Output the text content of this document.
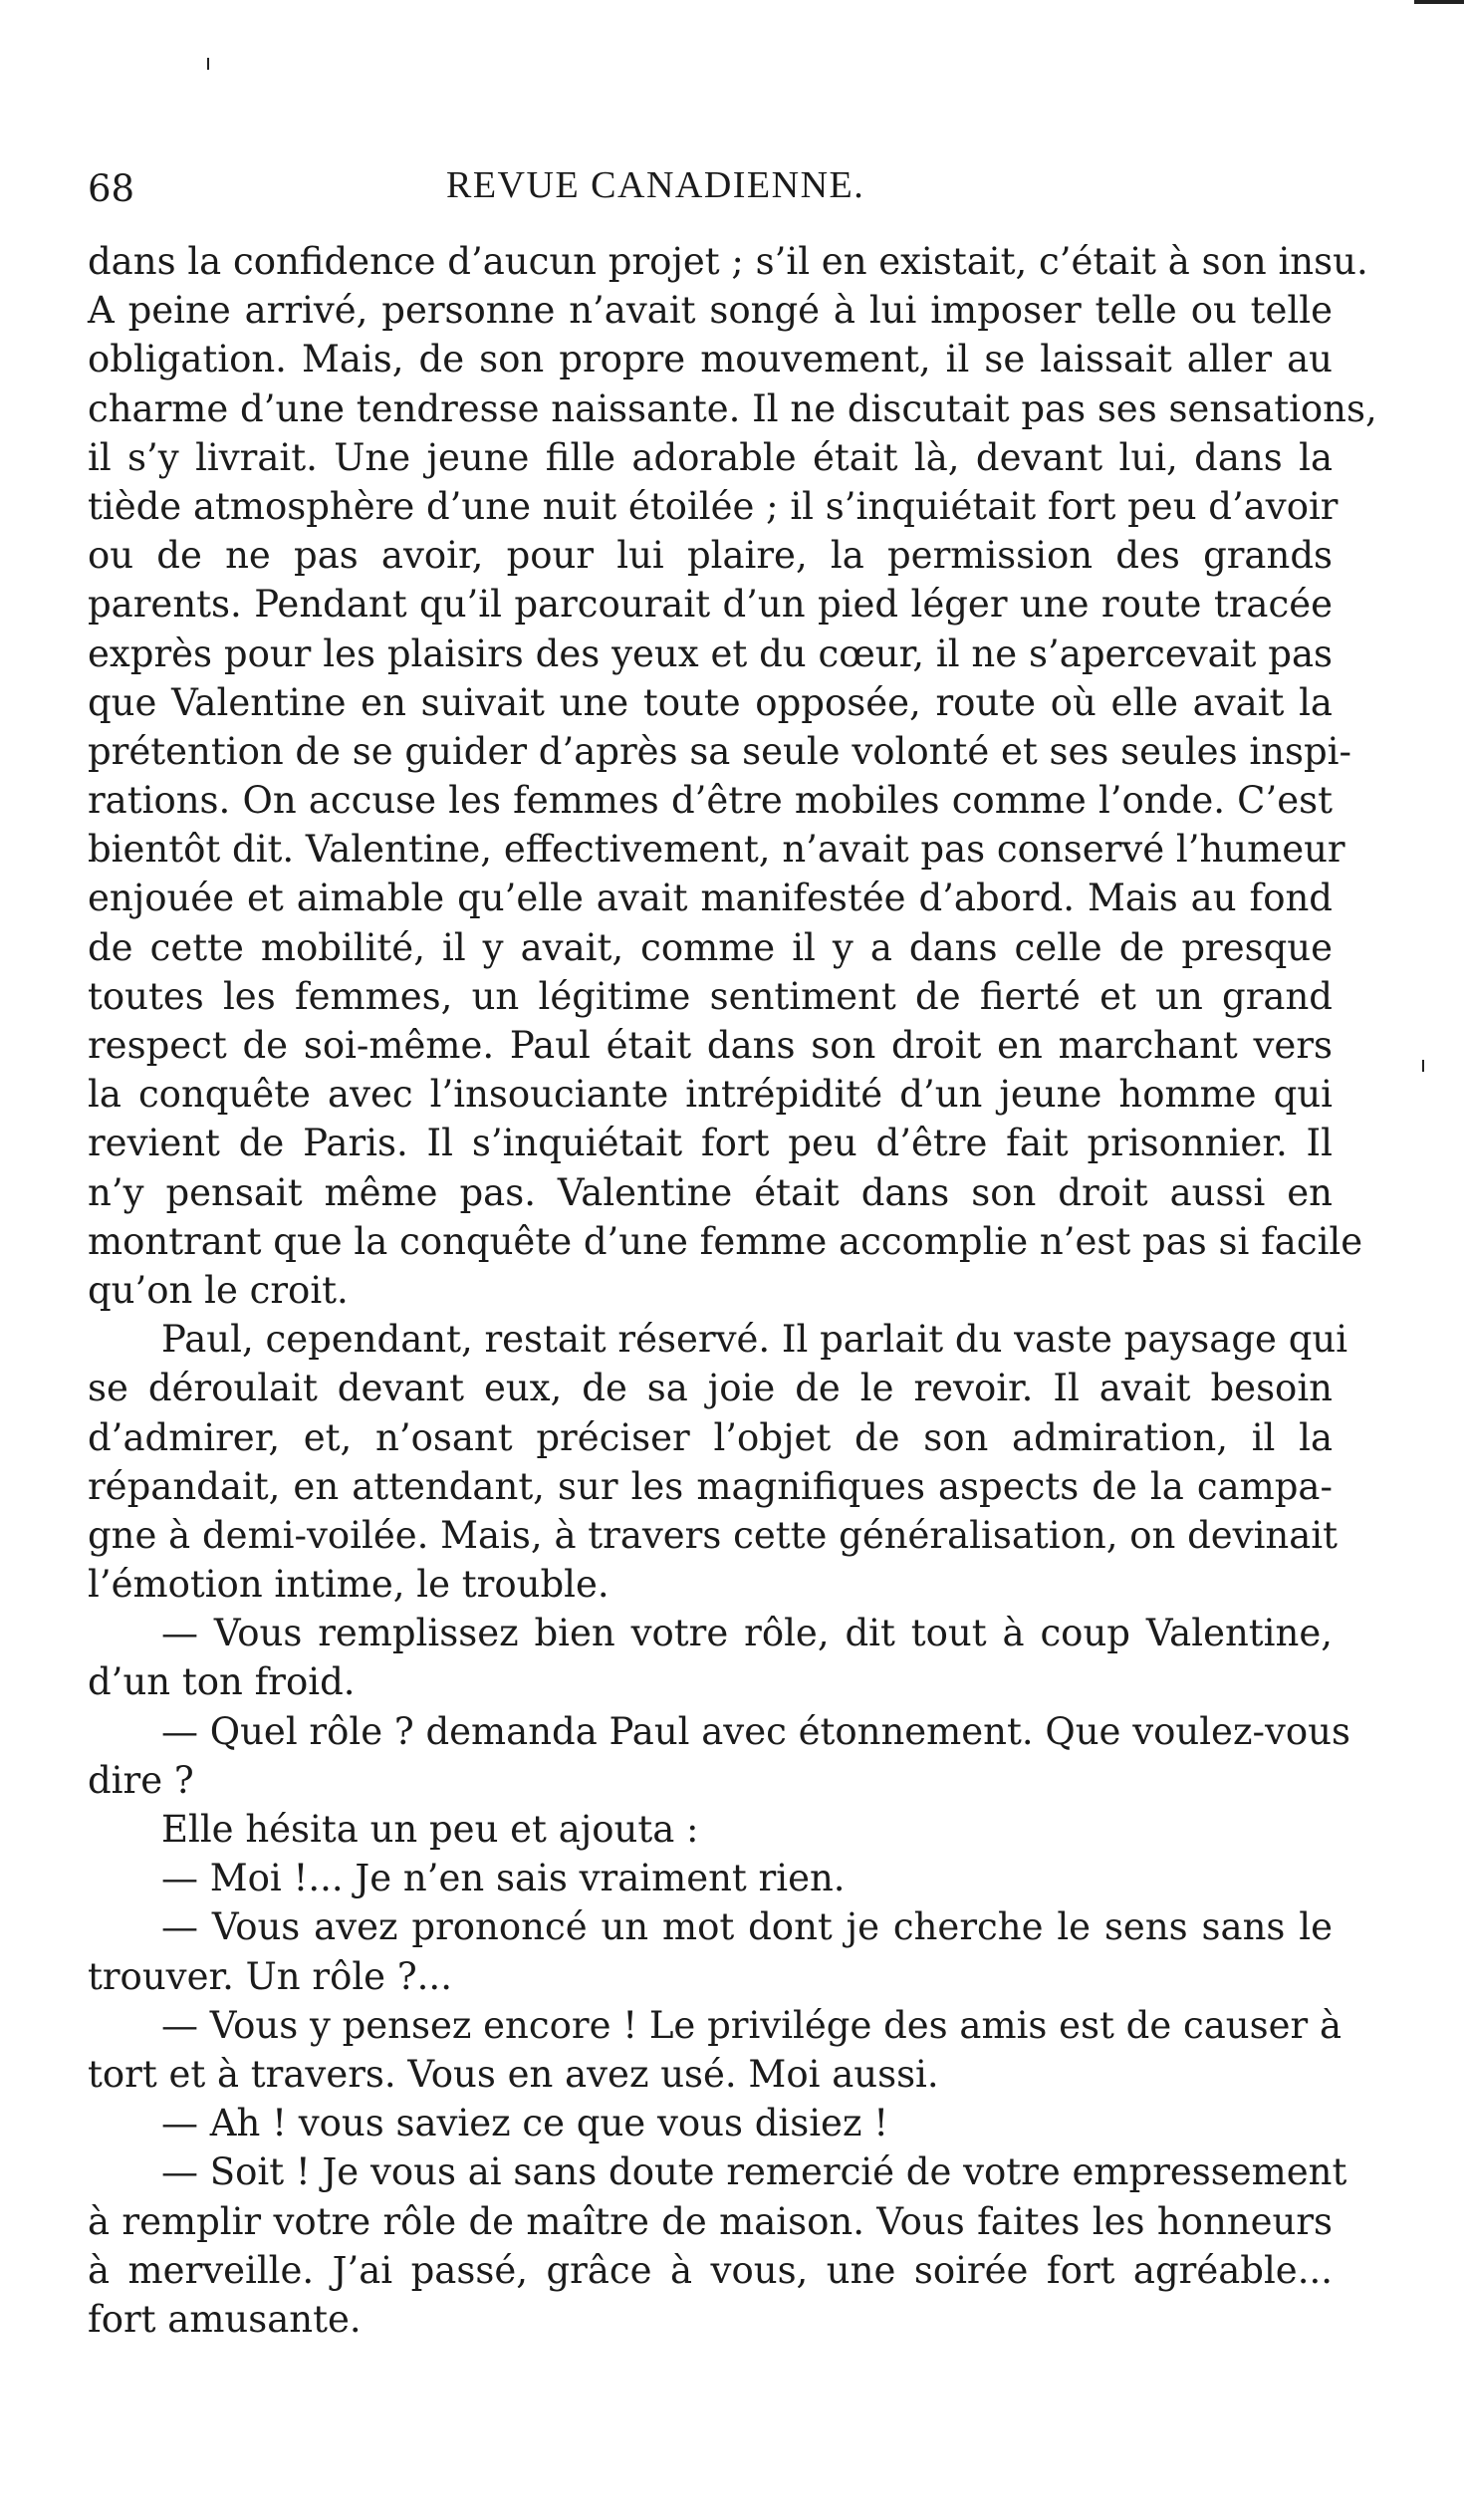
68	REVUE CANADIENNE.
dans la confidence d’aucun projet ; s’il en existait, c’était à son insu.
A peine arrivé, personne n’avait songé à lui imposer telle ou telle
obligation. Mais, de son propre mouvement, il se laissait aller au
charme d’une tendresse naissante. Il ne discutait pas ses sensations,
il s’y livrait. Une jeune fille adorable était là, devant lui, dans la
tiède atmosphère d’une nuit étoilée ; il s’inquiétait fort peu d’avoir
ou de ne pas avoir, pour lui plaire, la permission des grands
parents. Pendant qu’il parcourait d’un pied léger une route tracée
exprès pour les plaisirs des yeux et du cœur, il ne s’apercevait pas
que Valentine en suivait une toute opposée, route où elle avait la
prétention de se guider d’après sa seule volonté et ses seules inspi-
rations. On accuse les femmes d’être mobiles comme l’onde. C’est
bientôt dit. Valentine, effectivement, n’avait pas conservé l’humeur
enjouée et aimable qu’elle avait manifestée d’abord. Mais au fond
de cette mobilité, il y avait, comme il y a dans celle de presque
toutes les femmes, un légitime sentiment de fierté et un grand
respect de soi-même. Paul était dans son droit en marchant vers
la conquête avec l’insouciante intrépidité d’un jeune homme qui
revient de Paris. Il s’inquiétait fort peu d’être fait prisonnier. Il
n’y pensait même pas. Valentine était dans son droit aussi en
montrant que la conquête d’une femme accomplie n’est pas si facile
qu’on le croit.
Paul, cependant, restait réservé. Il parlait du vaste paysage qui
se déroulait devant eux, de sa joie de le revoir. Il avait besoin
d’admirer, et, n’osant préciser l’objet de son admiration, il la
répandait, en attendant, sur les magnifiques aspects de la campa-
gne à demi-voilée. Mais, à travers cette généralisation, on devinait
l’émotion intime, le trouble.
— Vous remplissez bien votre rôle, dit tout à coup Valentine,
d’un ton froid.
— Quel rôle ? demanda Paul avec étonnement. Que voulez-vous
dire ?
Elle hésita un peu et ajouta :
— Moi !... Je n’en sais vraiment rien.
— Vous avez prononcé un mot dont je cherche le sens sans le
trouver. Un rôle ?...
— Vous y pensez encore ! Le privilége des amis est de causer à
tort et à travers. Vous en avez usé. Moi aussi.
— Ah ! vous saviez ce que vous disiez !
— Soit ! Je vous ai sans doute remercié de votre empressement
à remplir votre rôle de maître de maison. Vous faites les honneurs
à merveille. J’ai passé, grâce à vous, une soirée fort agréable...
fort amusante.
